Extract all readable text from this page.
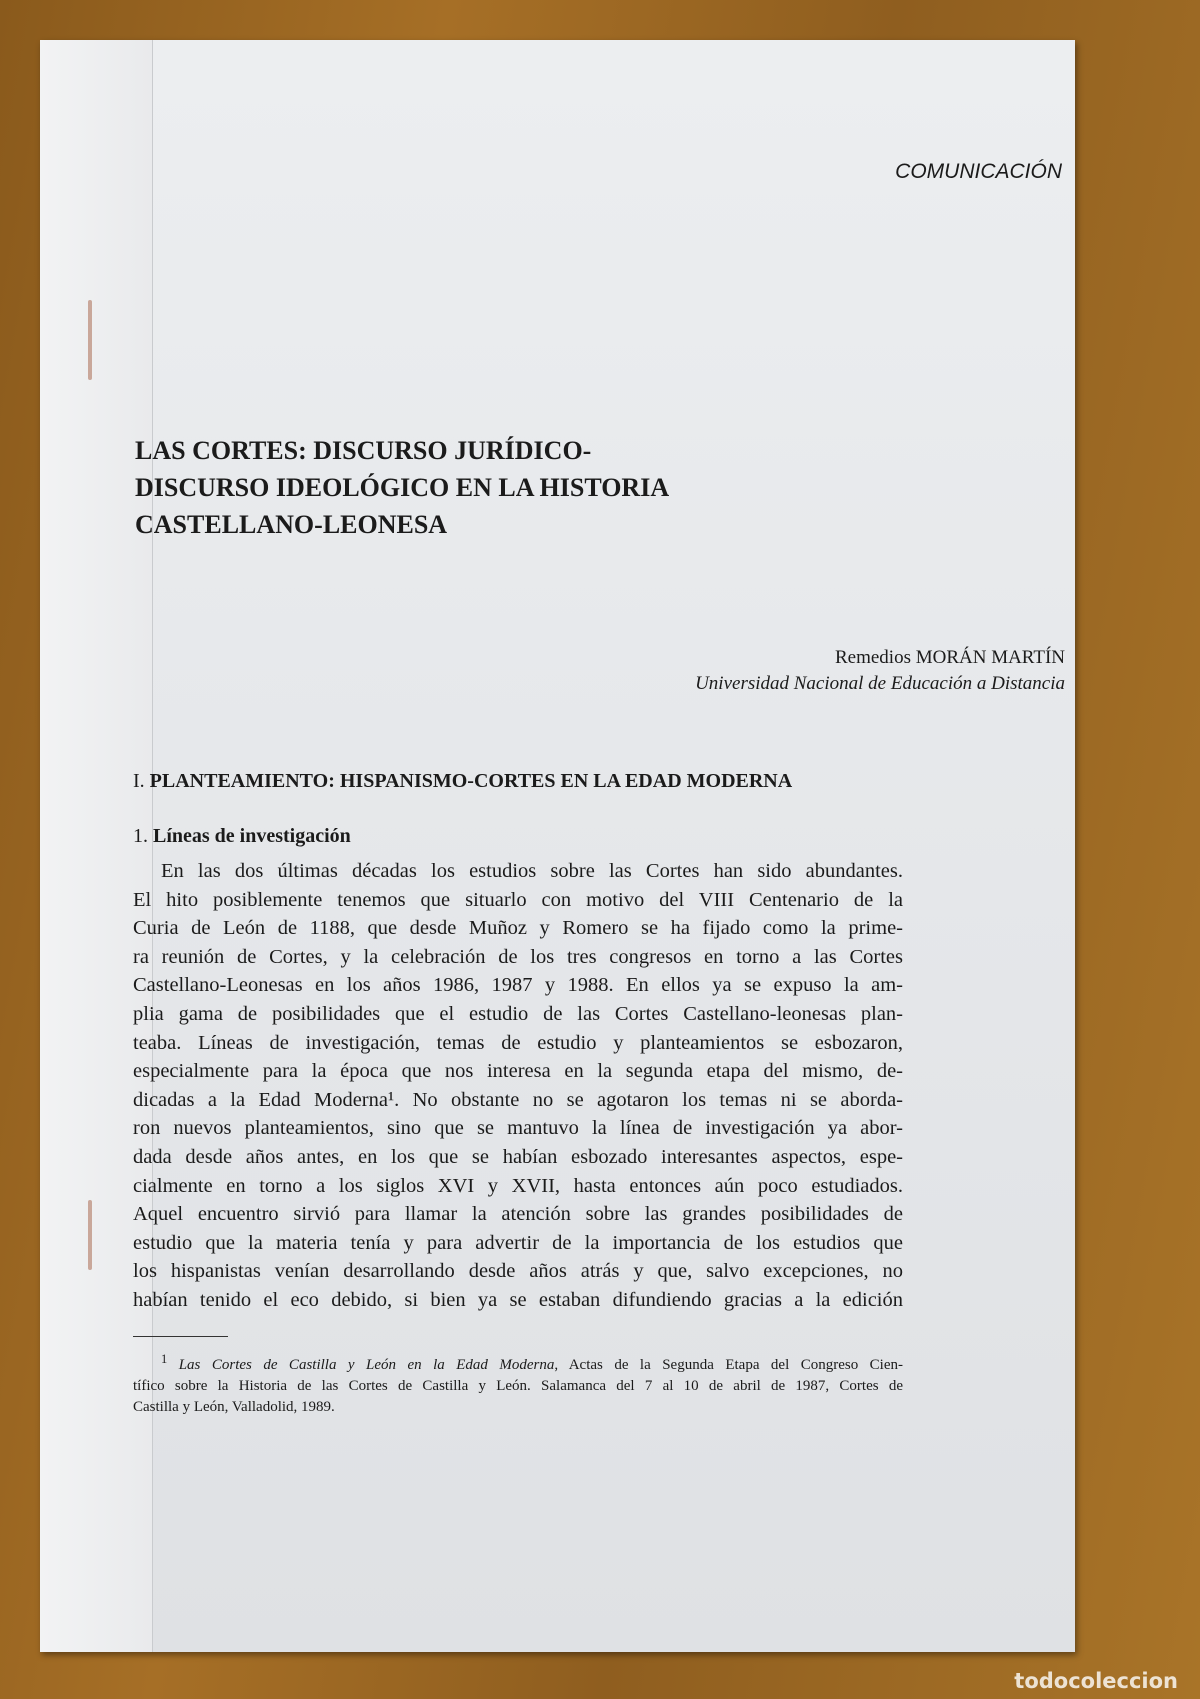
COMUNICACIÓN
LAS CORTES: DISCURSO JURÍDICO-
DISCURSO IDEOLÓGICO EN LA HISTORIA
CASTELLANO-LEONESA
Remedios MORÁN MARTÍN
Universidad Nacional de Educación a Distancia
I. PLANTEAMIENTO: HISPANISMO-CORTES EN LA EDAD MODERNA
1. Líneas de investigación
En las dos últimas décadas los estudios sobre las Cortes han sido abundantes.
El hito posiblemente tenemos que situarlo con motivo del VIII Centenario de la
Curia de León de 1188, que desde Muñoz y Romero se ha fijado como la prime-
ra reunión de Cortes, y la celebración de los tres congresos en torno a las Cortes
Castellano-Leonesas en los años 1986, 1987 y 1988. En ellos ya se expuso la am-
plia gama de posibilidades que el estudio de las Cortes Castellano-leonesas plan-
teaba. Líneas de investigación, temas de estudio y planteamientos se esbozaron,
especialmente para la época que nos interesa en la segunda etapa del mismo, de-
dicadas a la Edad Moderna¹. No obstante no se agotaron los temas ni se aborda-
ron nuevos planteamientos, sino que se mantuvo la línea de investigación ya abor-
dada desde años antes, en los que se habían esbozado interesantes aspectos, espe-
cialmente en torno a los siglos XVI y XVII, hasta entonces aún poco estudiados.
Aquel encuentro sirvió para llamar la atención sobre las grandes posibilidades de
estudio que la materia tenía y para advertir de la importancia de los estudios que
los hispanistas venían desarrollando desde años atrás y que, salvo excepciones, no
habían tenido el eco debido, si bien ya se estaban difundiendo gracias a la edición
$^1$ Las Cortes de Castilla y León en la Edad Moderna, Actas de la Segunda Etapa del Congreso Cien-
tífico sobre la Historia de las Cortes de Castilla y León. Salamanca del 7 al 10 de abril de 1987, Cortes de
Castilla y León, Valladolid, 1989.
todocoleccion
